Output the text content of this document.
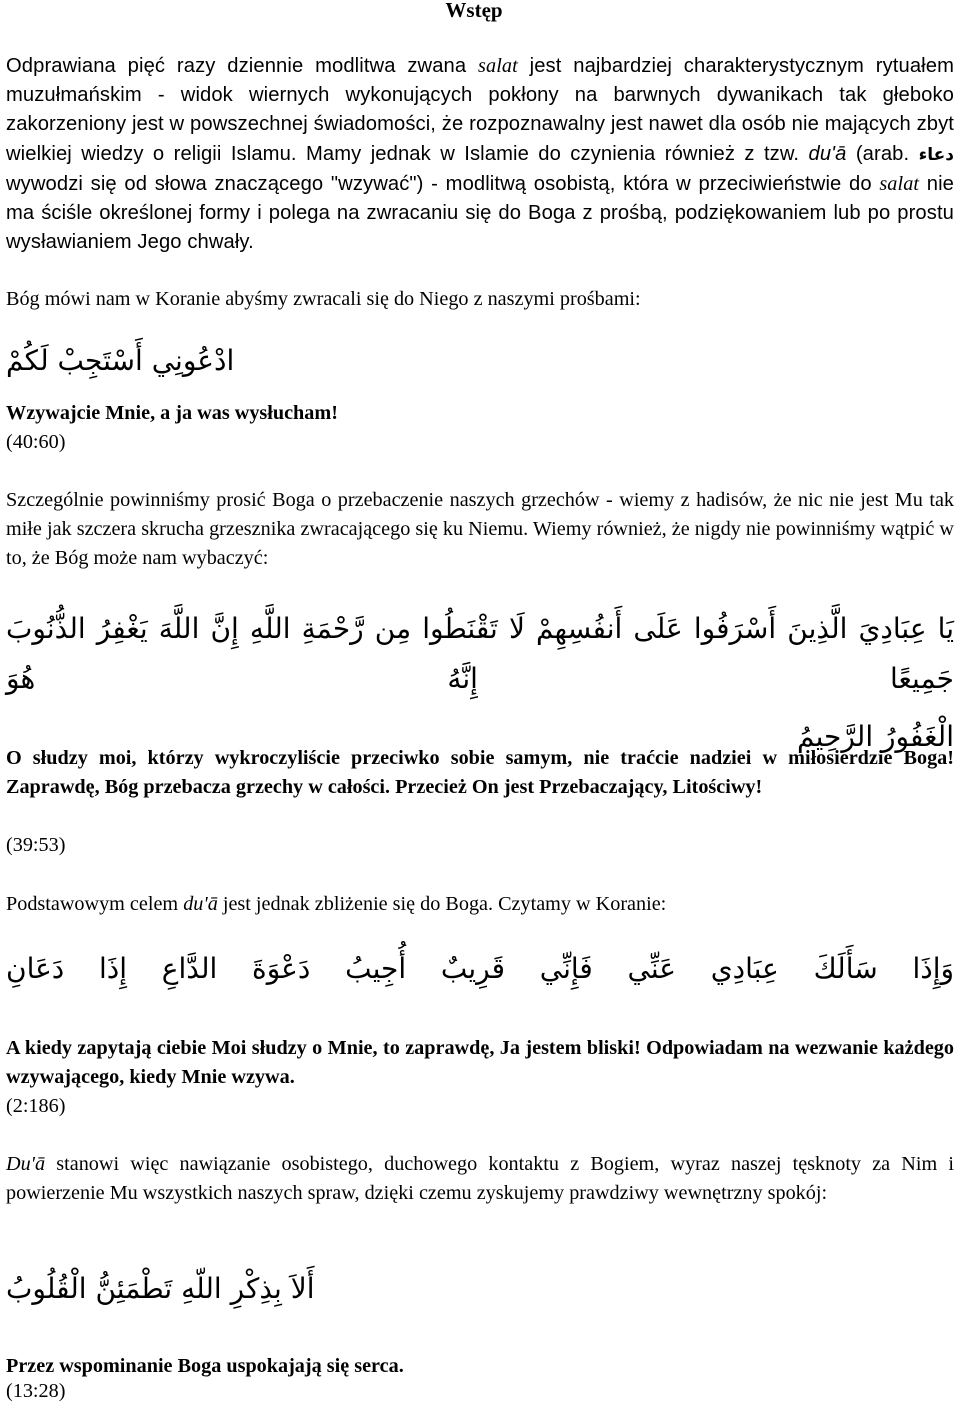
Wstęp

Odprawiana pięć razy dziennie modlitwa zwana salat jest najbardziej charakterystycznym rytuałem muzułmańskim - widok wiernych wykonujących pokłony na barwnych dywanikach tak głeboko zakorzeniony jest w powszechnej świadomości, że rozpoznawalny jest nawet dla osób nie mających zbyt wielkiej wiedzy o religii Islamu. Mamy jednak w Islamie do czynienia również z tzw. du'ā (arab. دعاء wywodzi się od słowa znaczącego "wzywać") - modlitwą osobistą, która w przeciwieństwie do salat nie ma ściśle określonej formy i polega na zwracaniu się do Boga z prośbą, podziękowaniem lub po prostu wysławianiem Jego chwały.

Bóg mówi nam w Koranie abyśmy zwracali się do Niego z naszymi prośbami:
ادْعُونِي أَسْتَجِبْ لَكُمْ
Wzywajcie Mnie, a ja was wysłucham!
(40:60)

Szczególnie powinniśmy prosić Boga o przebaczenie naszych grzechów - wiemy z hadisów, że nic nie jest Mu tak miłe jak szczera skrucha grzesznika zwracającego się ku Niemu. Wiemy również, że nigdy nie powinniśmy wątpić w to, że Bóg może nam wybaczyć:

يَا عِبَادِيَ الَّذِينَ أَسْرَفُوا عَلَى أَنفُسِهِمْ لَا تَقْنَطُوا مِن رَّحْمَةِ اللَّهِ إِنَّ اللَّهَ يَغْفِرُ الذُّنُوبَ جَمِيعًا إِنَّهُ هُوَ
الْغَفُورُ الرَّحِيمُ

O słudzy moi, którzy wykroczyliście przeciwko sobie samym, nie traćcie nadziei w miłosierdzie Boga! Zaprawdę, Bóg przebacza grzechy w całości. Przecież On jest Przebaczający, Litościwy!

(39:53)
Podstawowym celem du'ā jest jednak zbliżenie się do Boga. Czytamy w Koranie:
وَإِذَا سَأَلَكَ عِبَادِي عَنِّي فَإِنِّي قَرِيبٌ أُجِيبُ دَعْوَةَ الدَّاعِ إِذَا دَعَانِ

A kiedy zapytają ciebie Moi słudzy o Mnie, to zaprawdę, Ja jestem bliski! Odpowiadam na wezwanie każdego wzywającego, kiedy Mnie wzywa.

(2:186)

Du'ā stanowi więc nawiązanie osobistego, duchowego kontaktu z Bogiem, wyraz naszej tęsknoty za Nim i powierzenie Mu wszystkich naszych spraw, dzięki czemu zyskujemy prawdziwy wewnętrzny spokój:

أَلاَ بِذِكْرِ اللّهِ تَطْمَئِنُّ الْقُلُوبُ
Przez wspominanie Boga uspokajają się serca.
(13:28)
